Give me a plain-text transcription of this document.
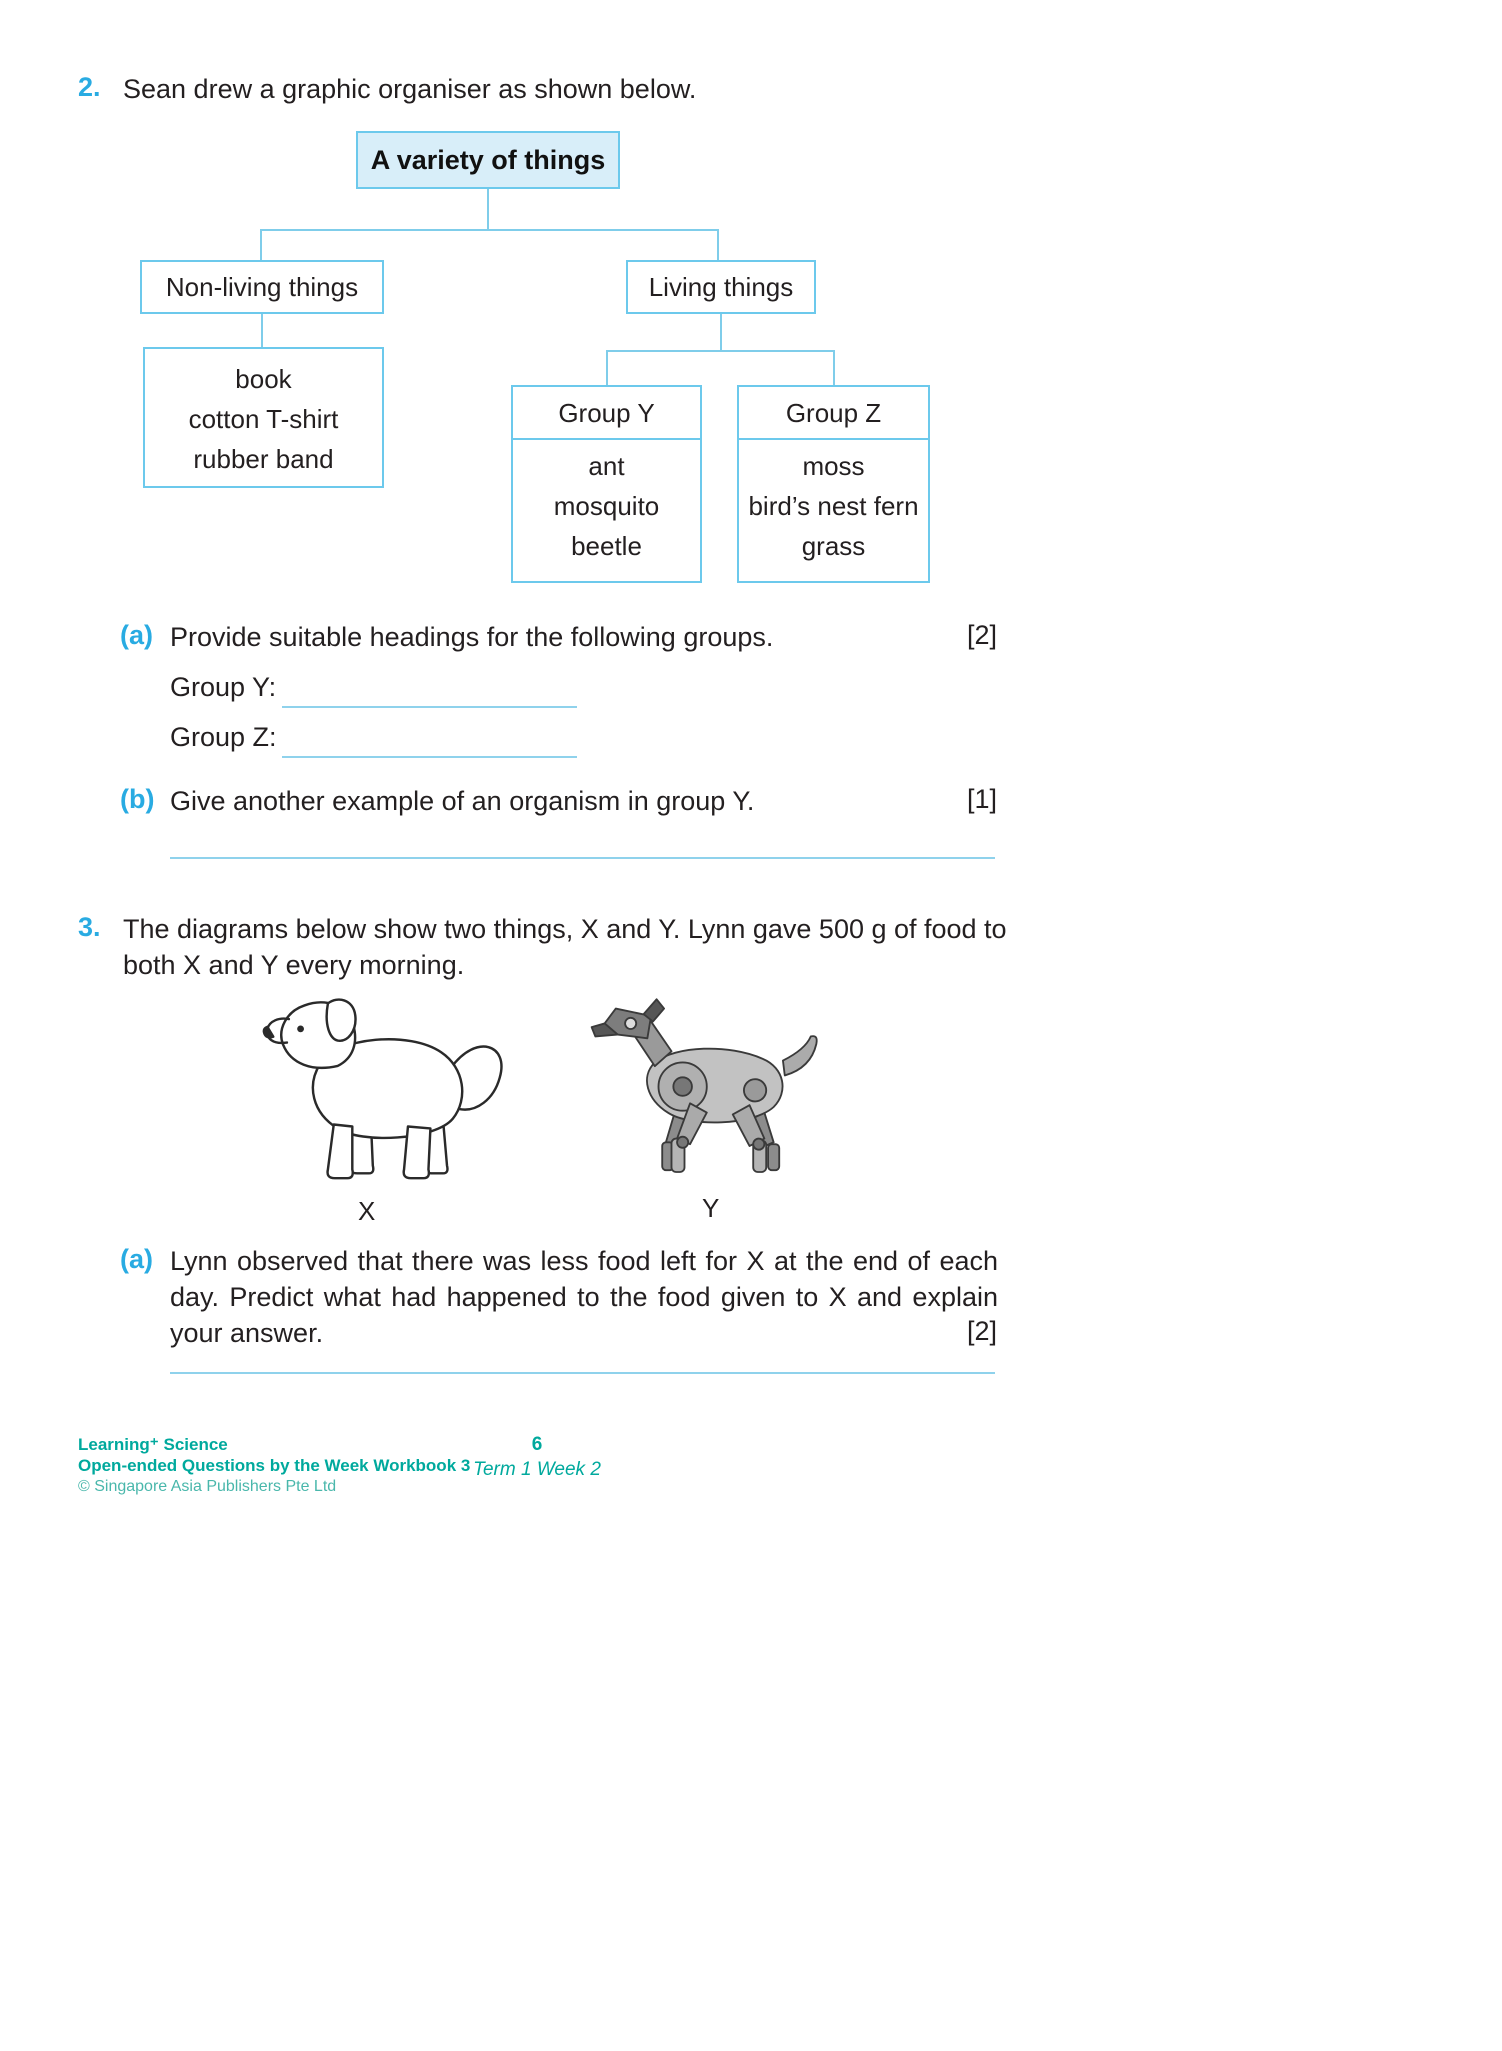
2. Sean drew a graphic organiser as shown below.
A variety of things
Non-living things	Living things
book
cotton T-shirt
rubber band
Group Y
ant
mosquito
beetle
Group Z
moss
bird’s nest fern
grass
(a) Provide suitable headings for the following groups.	[2]
Group Y:
Group Z:
(b) Give another example of an organism in group Y.	[1]
3. The diagrams below show two things, X and Y. Lynn gave 500 g of food to both X and Y every morning.
X	Y
(a) Lynn observed that there was less food left for X at the end of each day. Predict what had happened to the food given to X and explain your answer.	[2]
Learning⁺ Science
Open-ended Questions by the Week Workbook 3
© Singapore Asia Publishers Pte Ltd
6
Term 1 Week 2
